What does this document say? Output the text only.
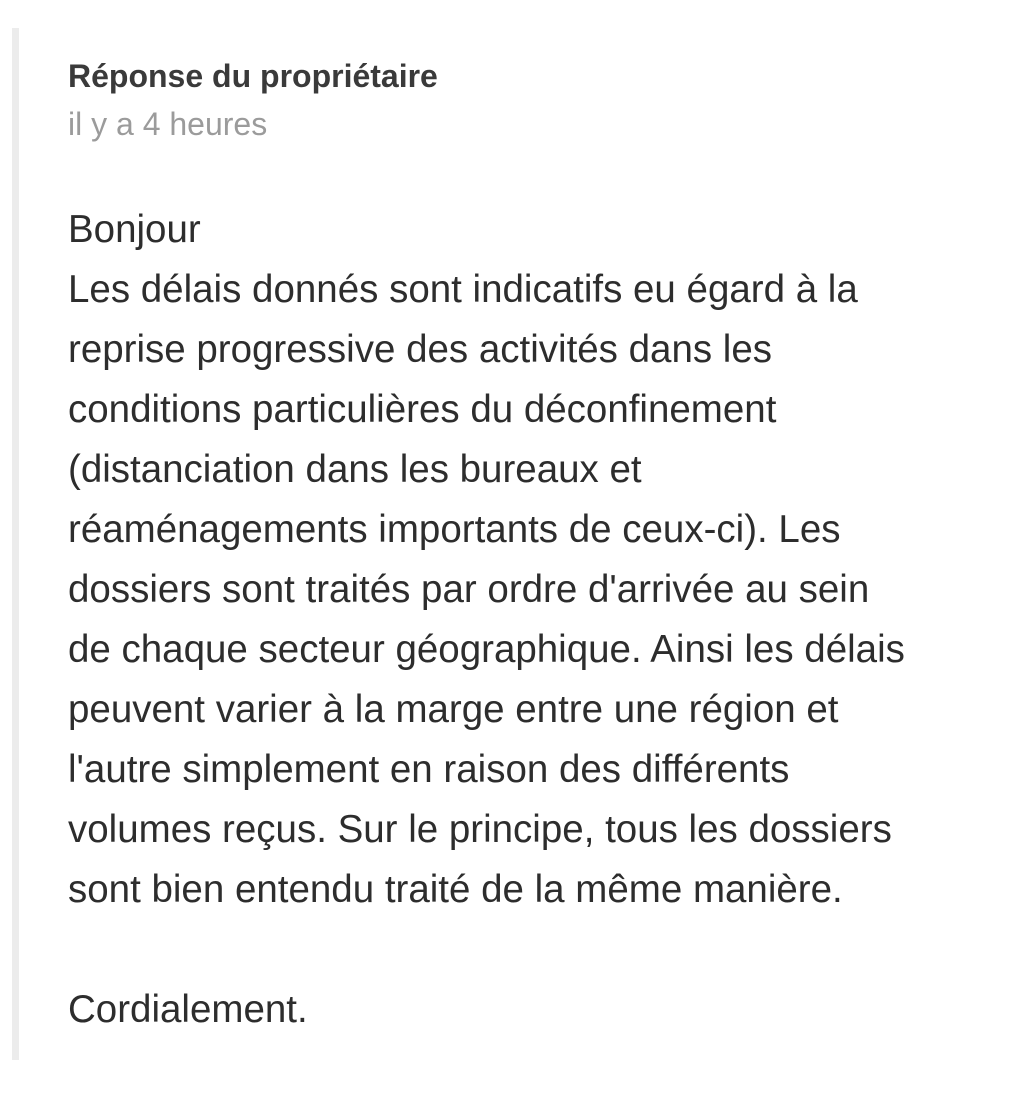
Réponse du propriétaire
il y a 4 heures

Bonjour

Les délais donnés sont indicatifs eu égard à la

reprise progressive des activités dans les

conditions particulières du déconfinement

(distanciation dans les bureaux et

réaménagements importants de ceux-ci). Les

dossiers sont traités par ordre d'arrivée au sein

de chaque secteur géographique. Ainsi les délais

peuvent varier à la marge entre une région et

l'autre simplement en raison des différents

volumes reçus. Sur le principe, tous les dossiers

sont bien entendu traité de la même manière.

Cordialement.
